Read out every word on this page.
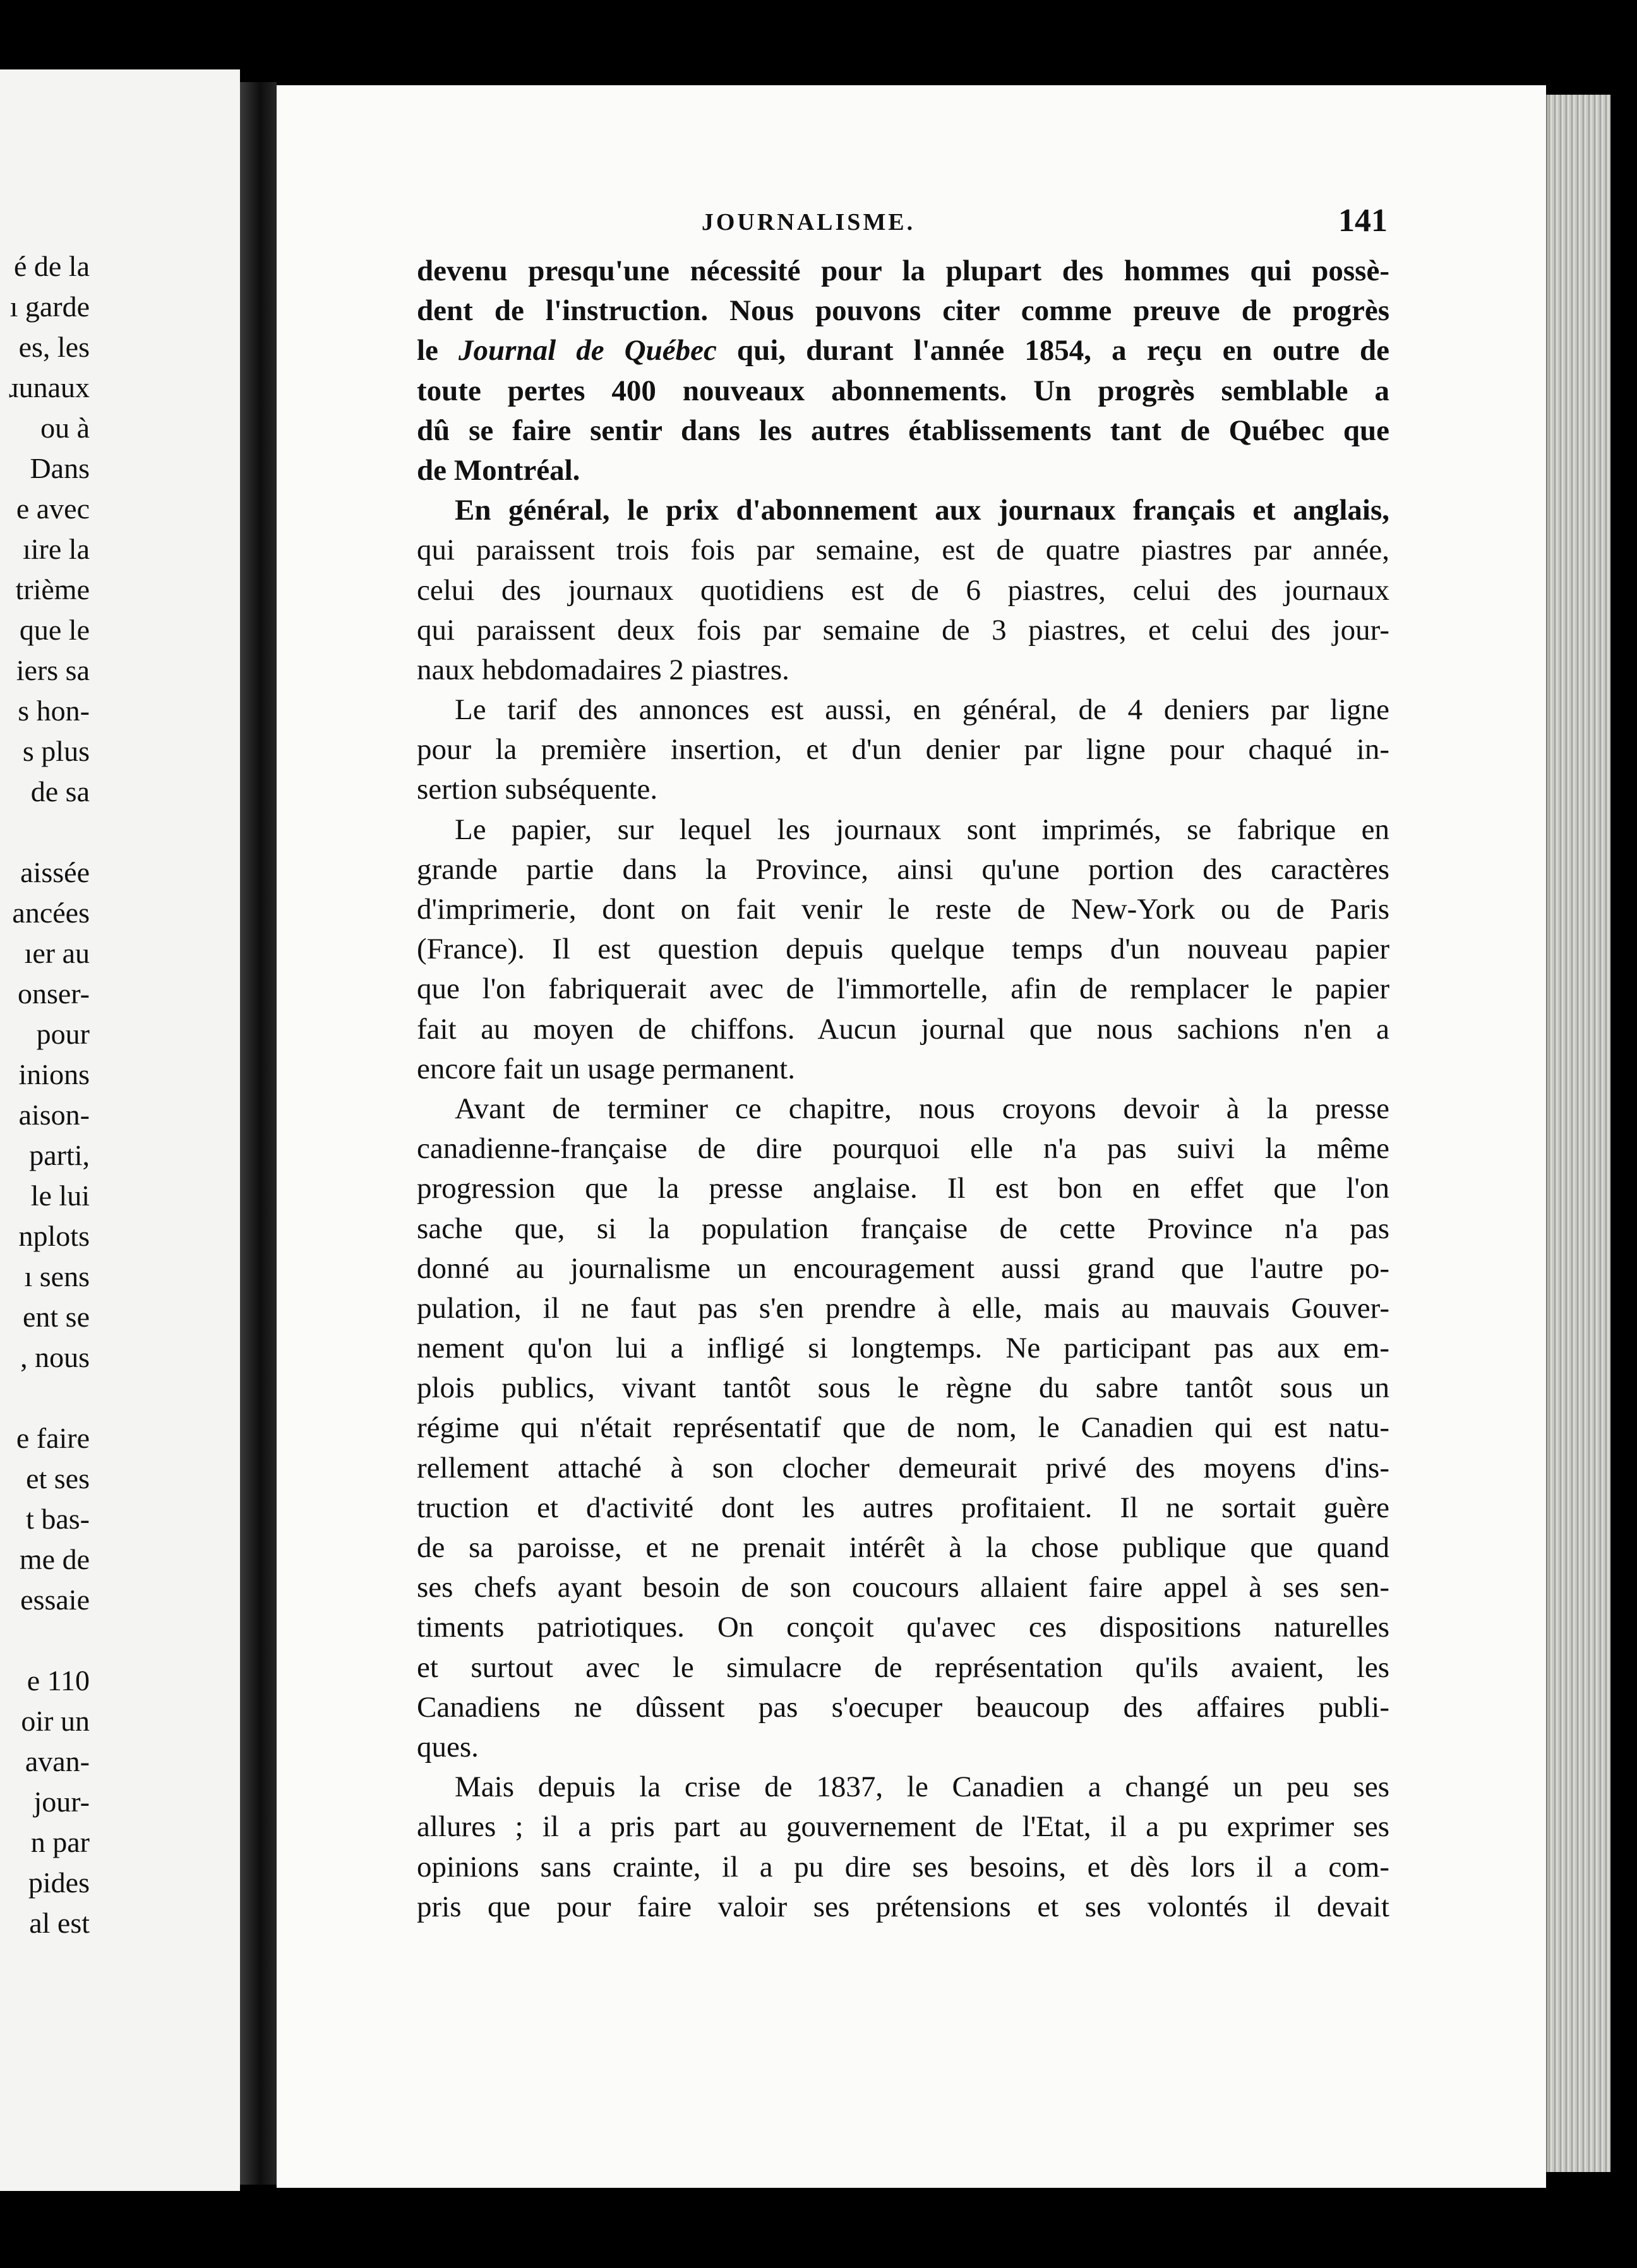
é de la
ı garde
es, les
ɹunaux
ou à
Dans
e avec
ıire la
trième
que le
iers sa
s hon-
s plus
de sa
aissée
ancées
ıer au
onser-
pour
inions
aison-
parti,
le lui
nplots
ı sens
ent se
, nous
e faire
et ses
t bas-
me de
essaie
e 110
oir un
avan-
jour-
n par
pides
al est
JOURNALISME.	141
devenu presqu'une nécessité pour la plupart des hommes qui possè-
dent de l'instruction. Nous pouvons citer comme preuve de progrès
le Journal de Québec qui, durant l'année 1854, a reçu en outre de
toute pertes 400 nouveaux abonnements. Un progrès semblable a
dû se faire sentir dans les autres établissements tant de Québec que
de Montréal.
En général, le prix d'abonnement aux journaux français et anglais,
qui paraissent trois fois par semaine, est de quatre piastres par année,
celui des journaux quotidiens est de 6 piastres, celui des journaux
qui paraissent deux fois par semaine de 3 piastres, et celui des jour-
naux hebdomadaires 2 piastres.
Le tarif des annonces est aussi, en général, de 4 deniers par ligne
pour la première insertion, et d'un denier par ligne pour chaqué in-
sertion subséquente.
Le papier, sur lequel les journaux sont imprimés, se fabrique en
grande partie dans la Province, ainsi qu'une portion des caractères
d'imprimerie, dont on fait venir le reste de New-York ou de Paris
(France). Il est question depuis quelque temps d'un nouveau papier
que l'on fabriquerait avec de l'immortelle, afin de remplacer le papier
fait au moyen de chiffons. Aucun journal que nous sachions n'en a
encore fait un usage permanent.
Avant de terminer ce chapitre, nous croyons devoir à la presse
canadienne-française de dire pourquoi elle n'a pas suivi la même
progression que la presse anglaise. Il est bon en effet que l'on
sache que, si la population française de cette Province n'a pas
donné au journalisme un encouragement aussi grand que l'autre po-
pulation, il ne faut pas s'en prendre à elle, mais au mauvais Gouver-
nement qu'on lui a infligé si longtemps. Ne participant pas aux em-
plois publics, vivant tantôt sous le règne du sabre tantôt sous un
régime qui n'était représentatif que de nom, le Canadien qui est natu-
rellement attaché à son clocher demeurait privé des moyens d'ins-
truction et d'activité dont les autres profitaient. Il ne sortait guère
de sa paroisse, et ne prenait intérêt à la chose publique que quand
ses chefs ayant besoin de son coucours allaient faire appel à ses sen-
timents patriotiques. On conçoit qu'avec ces dispositions naturelles
et surtout avec le simulacre de représentation qu'ils avaient, les
Canadiens ne dûssent pas s'oecuper beaucoup des affaires publi-
ques.
Mais depuis la crise de 1837, le Canadien a changé un peu ses
allures ; il a pris part au gouvernement de l'Etat, il a pu exprimer ses
opinions sans crainte, il a pu dire ses besoins, et dès lors il a com-
pris que pour faire valoir ses prétensions et ses volontés il devait
